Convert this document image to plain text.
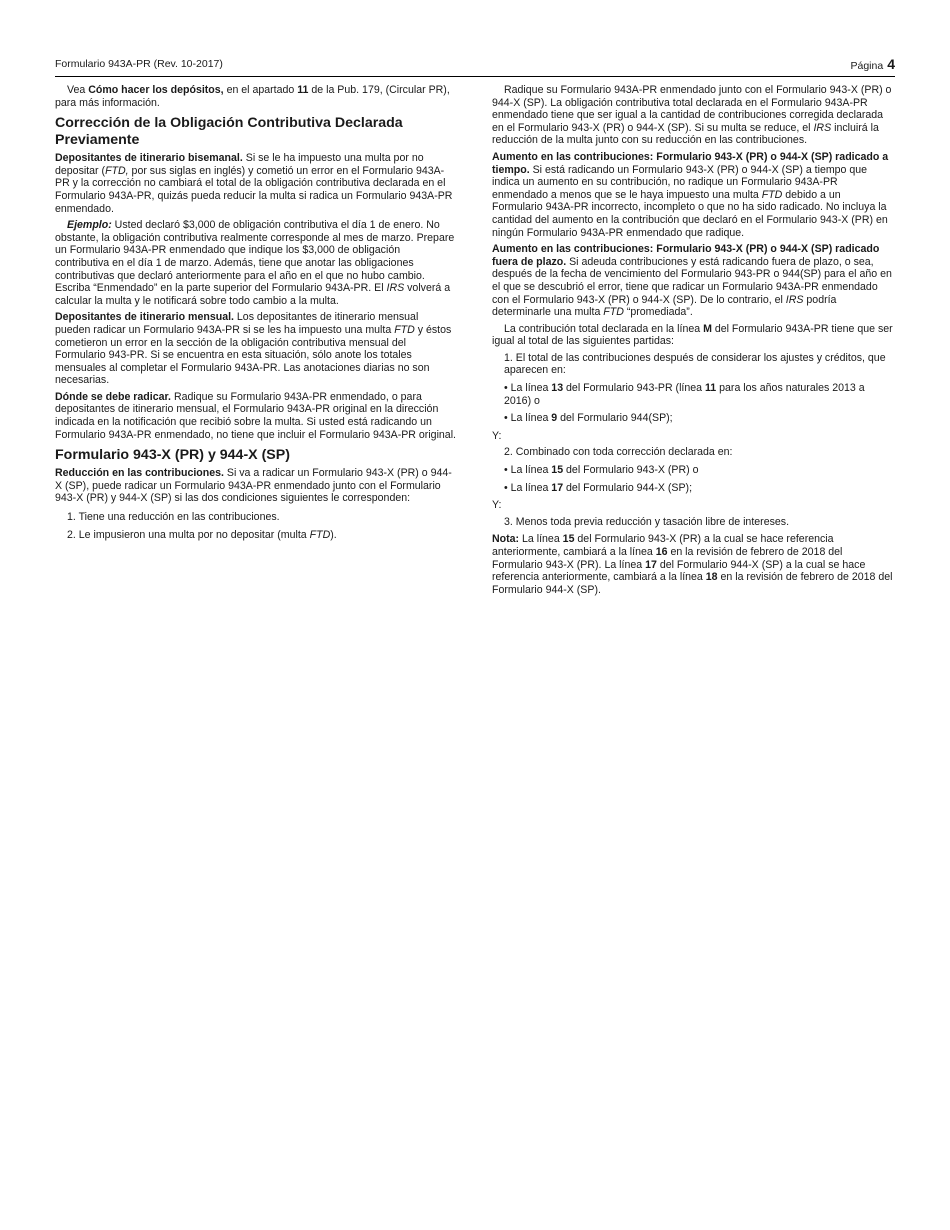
Formulario 943A-PR (Rev. 10-2017)	Página 4

Vea Cómo hacer los depósitos, en el apartado 11 de la Pub. 179, (Circular PR), para más información.

Corrección de la Obligación Contributiva Declarada Previamente

Depositantes de itinerario bisemanal. Si se le ha impuesto una multa por no depositar (FTD, por sus siglas en inglés) y cometió un error en el Formulario 943A-PR y la corrección no cambiará el total de la obligación contributiva declarada en el Formulario 943A-PR, quizás pueda reducir la multa si radica un Formulario 943A-PR enmendado.

Ejemplo: Usted declaró $3,000 de obligación contributiva el día 1 de enero. No obstante, la obligación contributiva realmente corresponde al mes de marzo. Prepare un Formulario 943A-PR enmendado que indique los $3,000 de obligación contributiva en el día 1 de marzo. Además, tiene que anotar las obligaciones contributivas que declaró anteriormente para el año en el que no hubo cambio. Escriba “Enmendado” en la parte superior del Formulario 943A-PR. El IRS volverá a calcular la multa y le notificará sobre todo cambio a la multa.

Depositantes de itinerario mensual. Los depositantes de itinerario mensual pueden radicar un Formulario 943A-PR si se les ha impuesto una multa FTD y éstos cometieron un error en la sección de la obligación contributiva mensual del Formulario 943-PR. Si se encuentra en esta situación, sólo anote los totales mensuales al completar el Formulario 943A-PR. Las anotaciones diarias no son necesarias.

Dónde se debe radicar. Radique su Formulario 943A-PR enmendado, o para depositantes de itinerario mensual, el Formulario 943A-PR original en la dirección indicada en la notificación que recibió sobre la multa. Si usted está radicando un Formulario 943A-PR enmendado, no tiene que incluir el Formulario 943A-PR original.

Formulario 943-X (PR) y 944-X (SP)

Reducción en las contribuciones. Si va a radicar un Formulario 943-X (PR) o 944-X (SP), puede radicar un Formulario 943A-PR enmendado junto con el Formulario 943-X (PR) y 944-X (SP) si las dos condiciones siguientes le corresponden:

1. Tiene una reducción en las contribuciones.

2. Le impusieron una multa por no depositar (multa FTD).

Radique su Formulario 943A-PR enmendado junto con el Formulario 943-X (PR) o 944-X (SP). La obligación contributiva total declarada en el Formulario 943A-PR enmendado tiene que ser igual a la cantidad de contribuciones corregida declarada en el Formulario 943-X (PR) o 944-X (SP). Si su multa se reduce, el IRS incluirá la reducción de la multa junto con su reducción en las contribuciones.

Aumento en las contribuciones: Formulario 943-X (PR) o 944-X (SP) radicado a tiempo. Si está radicando un Formulario 943-X (PR) o 944-X (SP) a tiempo que indica un aumento en su contribución, no radique un Formulario 943A-PR enmendado a menos que se le haya impuesto una multa FTD debido a un Formulario 943A-PR incorrecto, incompleto o que no ha sido radicado. No incluya la cantidad del aumento en la contribución que declaró en el Formulario 943-X (PR) en ningún Formulario 943A-PR enmendado que radique.

Aumento en las contribuciones: Formulario 943-X (PR) o 944-X (SP) radicado fuera de plazo. Si adeuda contribuciones y está radicando fuera de plazo, o sea, después de la fecha de vencimiento del Formulario 943-PR o 944(SP) para el año en el que se descubrió el error, tiene que radicar un Formulario 943A-PR enmendado con el Formulario 943-X (PR) o 944-X (SP). De lo contrario, el IRS podría determinarle una multa FTD “promediada”.

La contribución total declarada en la línea M del Formulario 943A-PR tiene que ser igual al total de las siguientes partidas:

1. El total de las contribuciones después de considerar los ajustes y créditos, que aparecen en:

• La línea 13 del Formulario 943-PR (línea 11 para los años naturales 2013 a 2016) o

• La línea 9 del Formulario 944(SP);

Y:

2. Combinado con toda corrección declarada en:

• La línea 15 del Formulario 943-X (PR) o

• La línea 17 del Formulario 944-X (SP);

Y:

3. Menos toda previa reducción y tasación libre de intereses.

Nota: La línea 15 del Formulario 943-X (PR) a la cual se hace referencia anteriormente, cambiará a la línea 16 en la revisión de febrero de 2018 del Formulario 943-X (PR). La línea 17 del Formulario 944-X (SP) a la cual se hace referencia anteriormente, cambiará a la línea 18 en la revisión de febrero de 2018 del Formulario 944-X (SP).
